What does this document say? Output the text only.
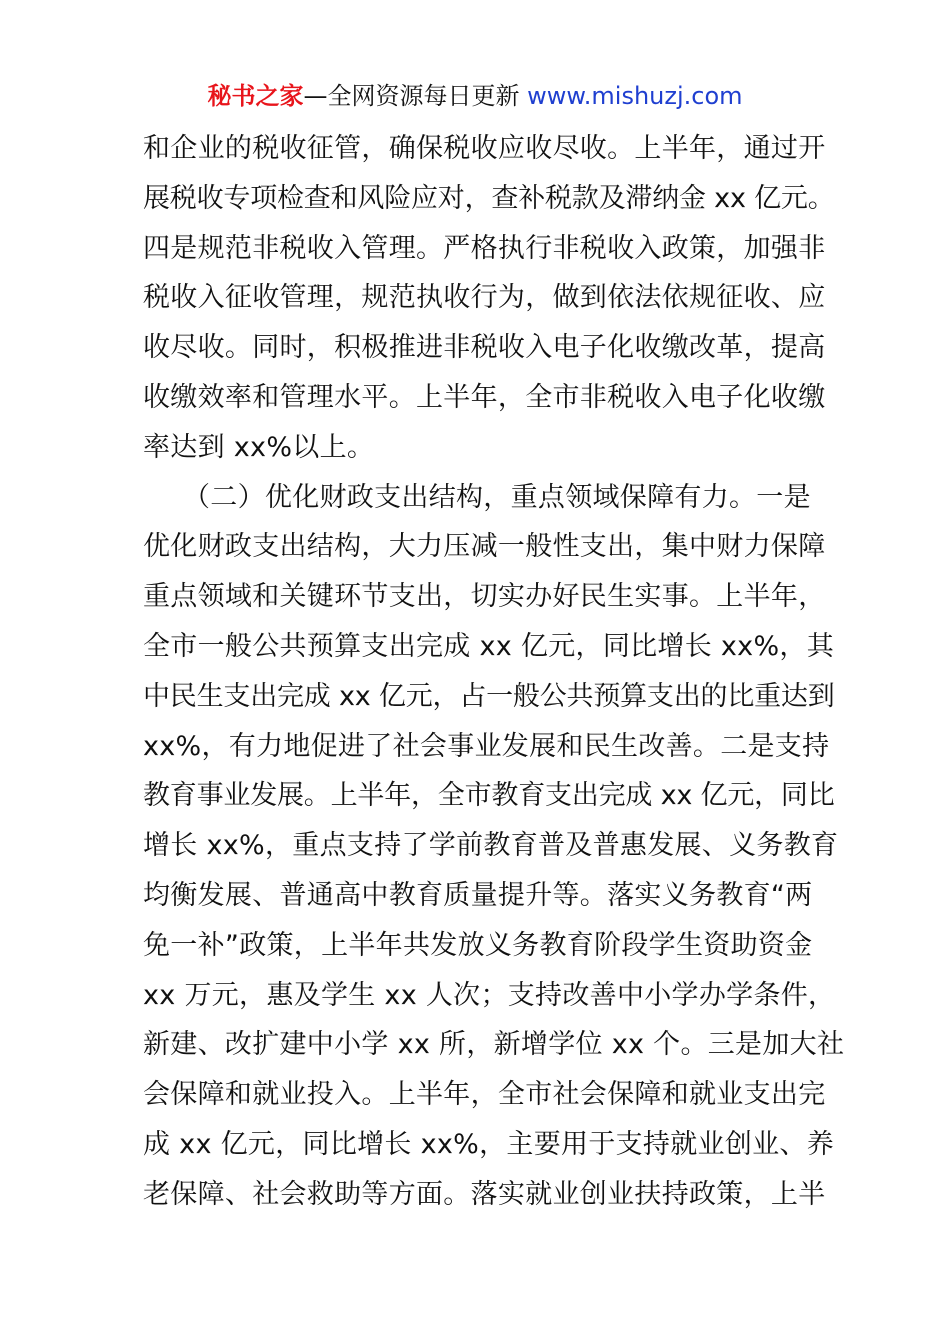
秘书之家—全网资源每日更新 www.mishuzj.com
和企业的税收征管，确保税收应收尽收。上半年，通过开
展税收专项检查和风险应对，查补税款及滞纳金 xx 亿元。
四是规范非税收入管理。严格执行非税收入政策，加强非
税收入征收管理，规范执收行为，做到依法依规征收、应
收尽收。同时，积极推进非税收入电子化收缴改革，提高
收缴效率和管理水平。上半年，全市非税收入电子化收缴
率达到 xx%以上。
（二）优化财政支出结构，重点领域保障有力。一是
优化财政支出结构，大力压减一般性支出，集中财力保障
重点领域和关键环节支出，切实办好民生实事。上半年，
全市一般公共预算支出完成 xx 亿元，同比增长 xx%，其
中民生支出完成 xx 亿元，占一般公共预算支出的比重达到
xx%，有力地促进了社会事业发展和民生改善。二是支持
教育事业发展。上半年，全市教育支出完成 xx 亿元，同比
增长 xx%，重点支持了学前教育普及普惠发展、义务教育
均衡发展、普通高中教育质量提升等。落实义务教育“两
免一补”政策，上半年共发放义务教育阶段学生资助资金
xx 万元，惠及学生 xx 人次；支持改善中小学办学条件，
新建、改扩建中小学 xx 所，新增学位 xx 个。三是加大社
会保障和就业投入。上半年，全市社会保障和就业支出完
成 xx 亿元，同比增长 xx%，主要用于支持就业创业、养
老保障、社会救助等方面。落实就业创业扶持政策，上半
